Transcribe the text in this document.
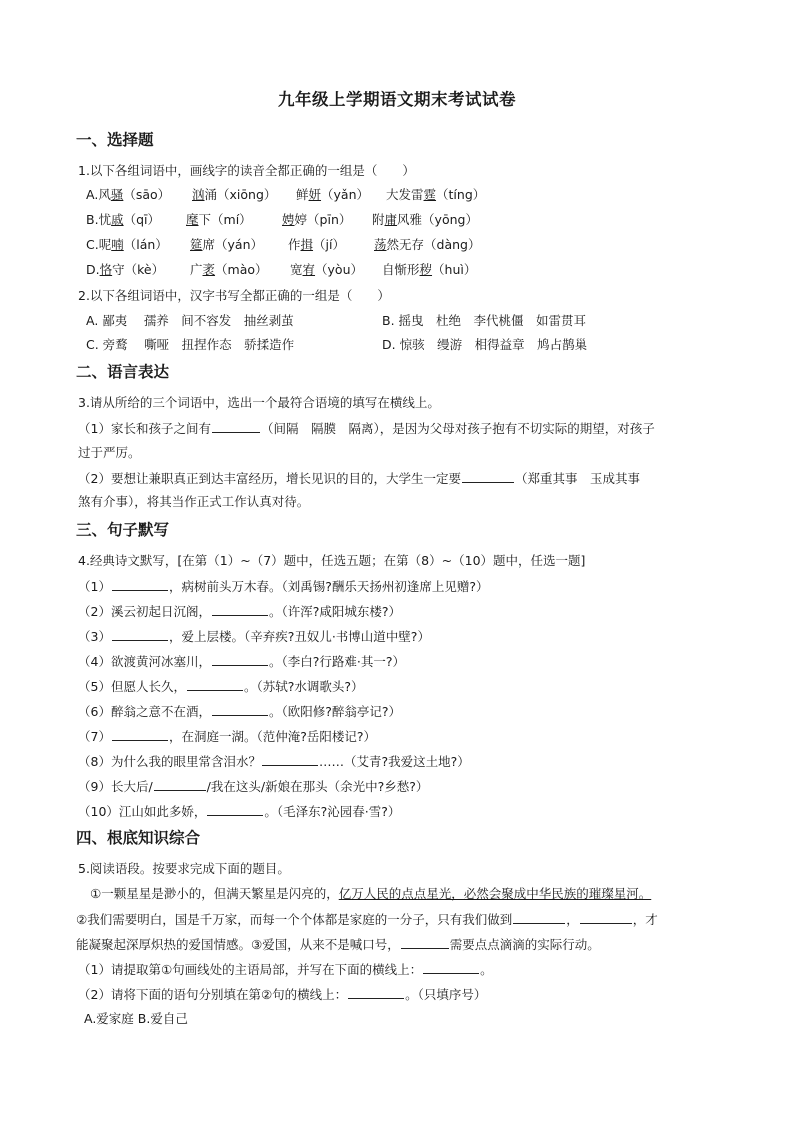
九年级上学期语文期末考试试卷
一、选择题
1.以下各组词语中，画线字的读音全都正确的一组是（　　）
A.风骚（sāo） 汹涌（xiōng） 鲜妍（yǎn） 大发雷霆（tíng）
B.忧戚（qī） 麾下（mí） 娉婷（pīn） 附庸风雅（yōng）
C.呢喃（lán） 筵席（yán） 作揖（jí） 荡然无存（dàng）
D.恪守（kè） 广袤（mào） 宽宥（yòu） 自惭形秽（huì）
2.以下各组词语中，汉字书写全都正确的一组是（　　）
A. 鄙夷　 孺养　间不容发　抽丝剥茧	B. 摇曳　杜绝　李代桃僵　如雷贯耳
C. 旁鹜　 嘶哑　扭捏作态　骄揉造作	D. 惊骇　缦游　相得益章　鸠占鹊巢
二、语言表达
3.请从所给的三个词语中，选出一个最符合语境的填写在横线上。
（1）家长和孩子之间有	（间隔　隔膜　隔离），是因为父母对孩子抱有不切实际的期望，对孩子
过于严厉。
（2）要想让兼职真正到达丰富经历，增长见识的目的，大学生一定要	（郑重其事　玉成其事
煞有介事），将其当作正式工作认真对待。
三、句子默写
4.经典诗文默写，[在第（1）~（7）题中，任选五题；在第（8）~（10）题中，任选一题]
（1）	，病树前头万木春。（刘禹锡?酬乐天扬州初逢席上见赠?）
（2）溪云初起日沉阁，	。（许浑?咸阳城东楼?）
（3）	，爱上层楼。（辛弃疾?丑奴儿·书博山道中壁?）
（4）欲渡黄河冰塞川，	。（李白?行路难·其一?）
（5）但愿人长久，	。（苏轼?水调歌头?）
（6）醉翁之意不在酒，	。（欧阳修?醉翁亭记?）
（7）	，在洞庭一湖。（范仲淹?岳阳楼记?）
（8）为什么我的眼里常含泪水？	……（艾青?我爱这土地?）
（9）长大后/	/我在这头/新娘在那头（余光中?乡愁?）
（10）江山如此多娇，	。（毛泽东?沁园春·雪?）
四、根底知识综合
5.阅读语段。按要求完成下面的题目。
①一颗星星是渺小的，但满天繁星是闪亮的，亿万人民的点点星光，必然会聚成中华民族的璀璨星河。
②我们需要明白，国是千万家，而每一个个体都是家庭的一分子，只有我们做到	，	，才
能凝聚起深厚炽热的爱国情感。③爱国，从来不是喊口号，	需要点点滴滴的实际行动。
（1）请提取第①句画线处的主语局部，并写在下面的横线上：	。
（2）请将下面的语句分别填在第②句的横线上：	。（只填序号）
A.爱家庭 B.爱自己
